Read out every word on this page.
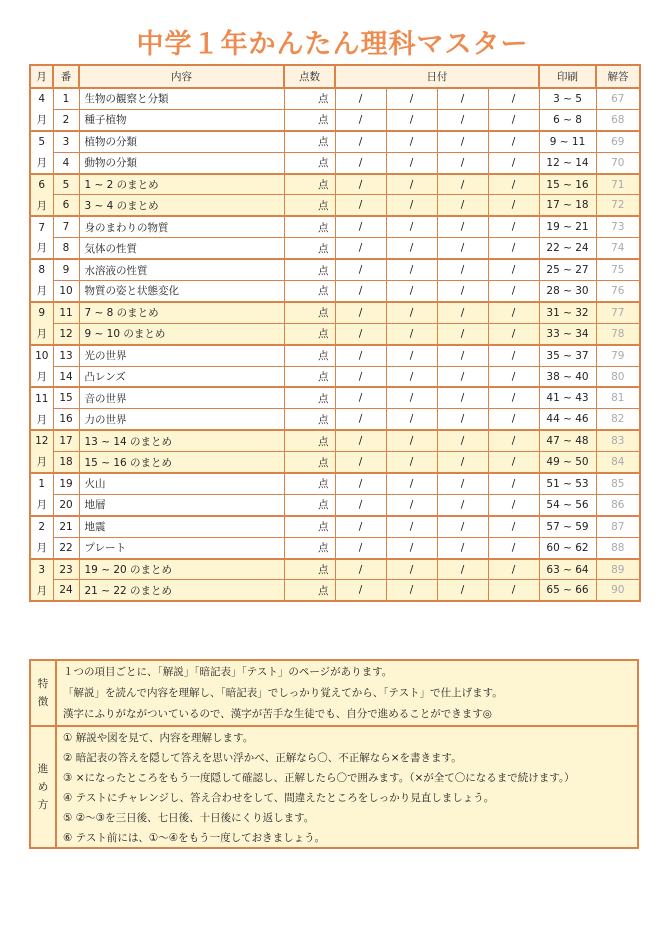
中学１年かんたん理科マスター
月	番	内容	点数	日付				印刷	解答
4	1	生物の観察と分類	点	/	/	/	/	3 ~ 5	67
月	2	種子植物	点	/	/	/	/	6 ~ 8	68
5	3	植物の分類	点	/	/	/	/	9 ~ 11	69
月	4	動物の分類	点	/	/	/	/	12 ~ 14	70
6	5	1 ~ 2 のまとめ	点	/	/	/	/	15 ~ 16	71
月	6	3 ~ 4 のまとめ	点	/	/	/	/	17 ~ 18	72
7	7	身のまわりの物質	点	/	/	/	/	19 ~ 21	73
月	8	気体の性質	点	/	/	/	/	22 ~ 24	74
8	9	水溶液の性質	点	/	/	/	/	25 ~ 27	75
月	10	物質の姿と状態変化	点	/	/	/	/	28 ~ 30	76
9	11	7 ~ 8 のまとめ	点	/	/	/	/	31 ~ 32	77
月	12	9 ~ 10 のまとめ	点	/	/	/	/	33 ~ 34	78
10	13	光の世界	点	/	/	/	/	35 ~ 37	79
月	14	凸レンズ	点	/	/	/	/	38 ~ 40	80
11	15	音の世界	点	/	/	/	/	41 ~ 43	81
月	16	力の世界	点	/	/	/	/	44 ~ 46	82
12	17	13 ~ 14 のまとめ	点	/	/	/	/	47 ~ 48	83
月	18	15 ~ 16 のまとめ	点	/	/	/	/	49 ~ 50	84
1	19	火山	点	/	/	/	/	51 ~ 53	85
月	20	地層	点	/	/	/	/	54 ~ 56	86
2	21	地震	点	/	/	/	/	57 ~ 59	87
月	22	プレート	点	/	/	/	/	60 ~ 62	88
3	23	19 ~ 20 のまとめ	点	/	/	/	/	63 ~ 64	89
月	24	21 ~ 22 のまとめ	点	/	/	/	/	65 ~ 66	90
特
徴
１つの項目ごとに、「解説」「暗記表」「テスト」のページがあります。
「解説」を読んで内容を理解し、「暗記表」でしっかり覚えてから、「テスト」で仕上げます。
漢字にふりがながついているので、漢字が苦手な生徒でも、自分で進めることができます◎
進
め
方
① 解説や図を見て、内容を理解します。
② 暗記表の答えを隠して答えを思い浮かべ、正解なら〇、不正解なら×を書きます。
③ ×になったところをもう一度隠して確認し、正解したら〇で囲みます。（×が全て〇になるまで続けます。）
④ テストにチャレンジし、答え合わせをして、間違えたところをしっかり見直しましょう。
⑤ ②～③を三日後、七日後、十日後にくり返します。
⑥ テスト前には、①～④をもう一度しておきましょう。
